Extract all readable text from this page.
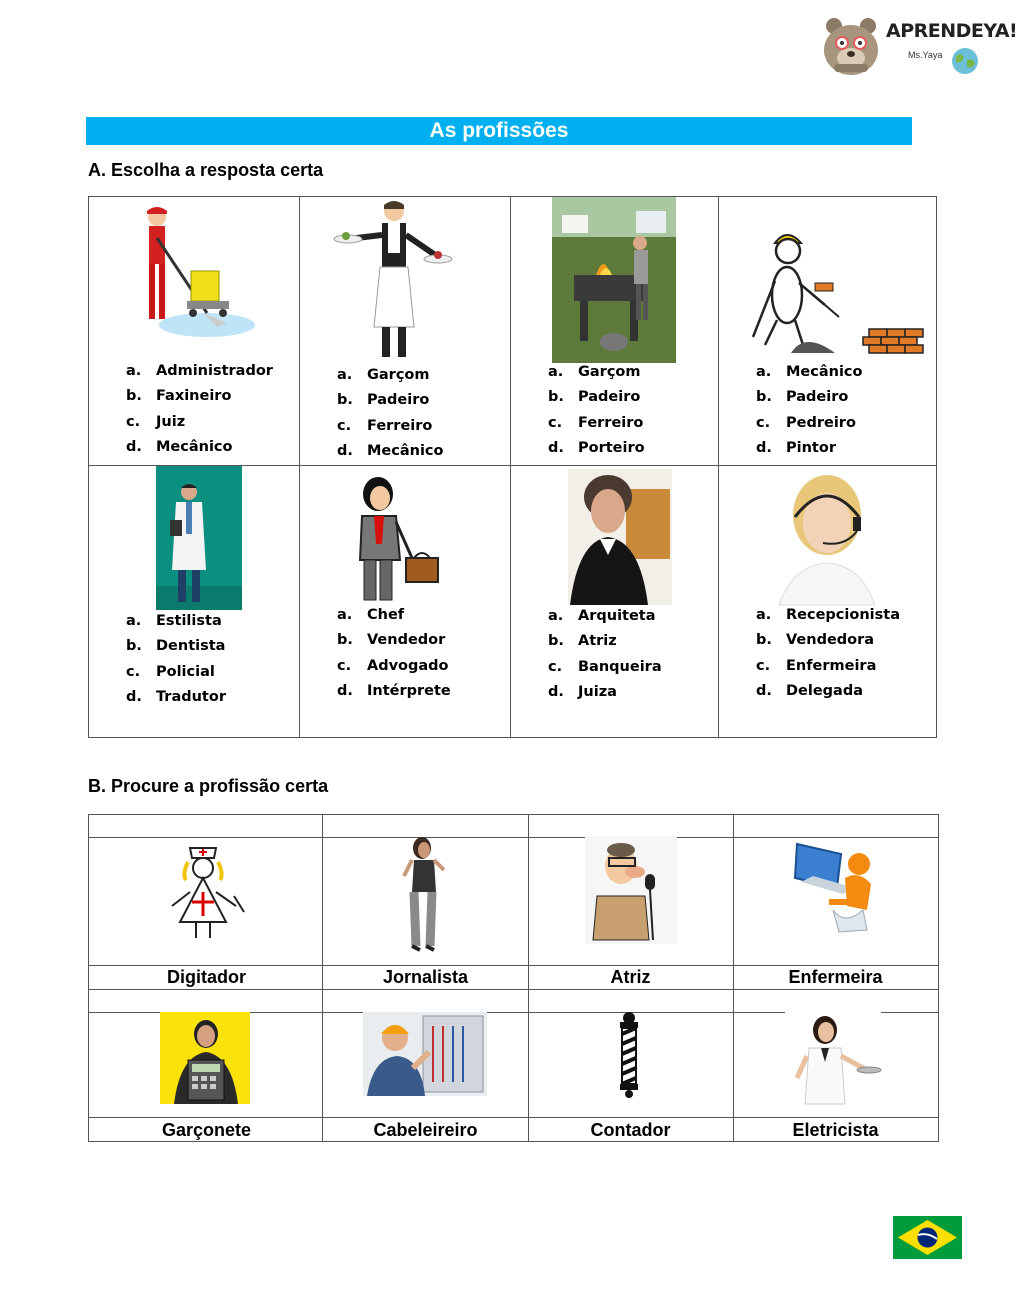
APRENDEYA!
Ms.Yaya
As profissões
A. Escolha a resposta certa
a. Administrador
b. Faxineiro
c. Juiz
d. Mecânico
a. Garçom
b. Padeiro
c. Ferreiro
d. Mecânico
a. Garçom
b. Padeiro
c. Ferreiro
d. Porteiro
a. Mecânico
b. Padeiro
c. Pedreiro
d. Pintor
a. Estilista
b. Dentista
c. Policial
d. Tradutor
a. Chef
b. Vendedor
c. Advogado
d. Intérprete
a. Arquiteta
b. Atriz
c. Banqueira
d. Juiza
a. Recepcionista
b. Vendedora
c. Enfermeira
d. Delegada
B. Procure a profissão certa
Digitador	Jornalista	Atriz	Enfermeira
Garçonete	Cabeleireiro	Contador	Eletricista
